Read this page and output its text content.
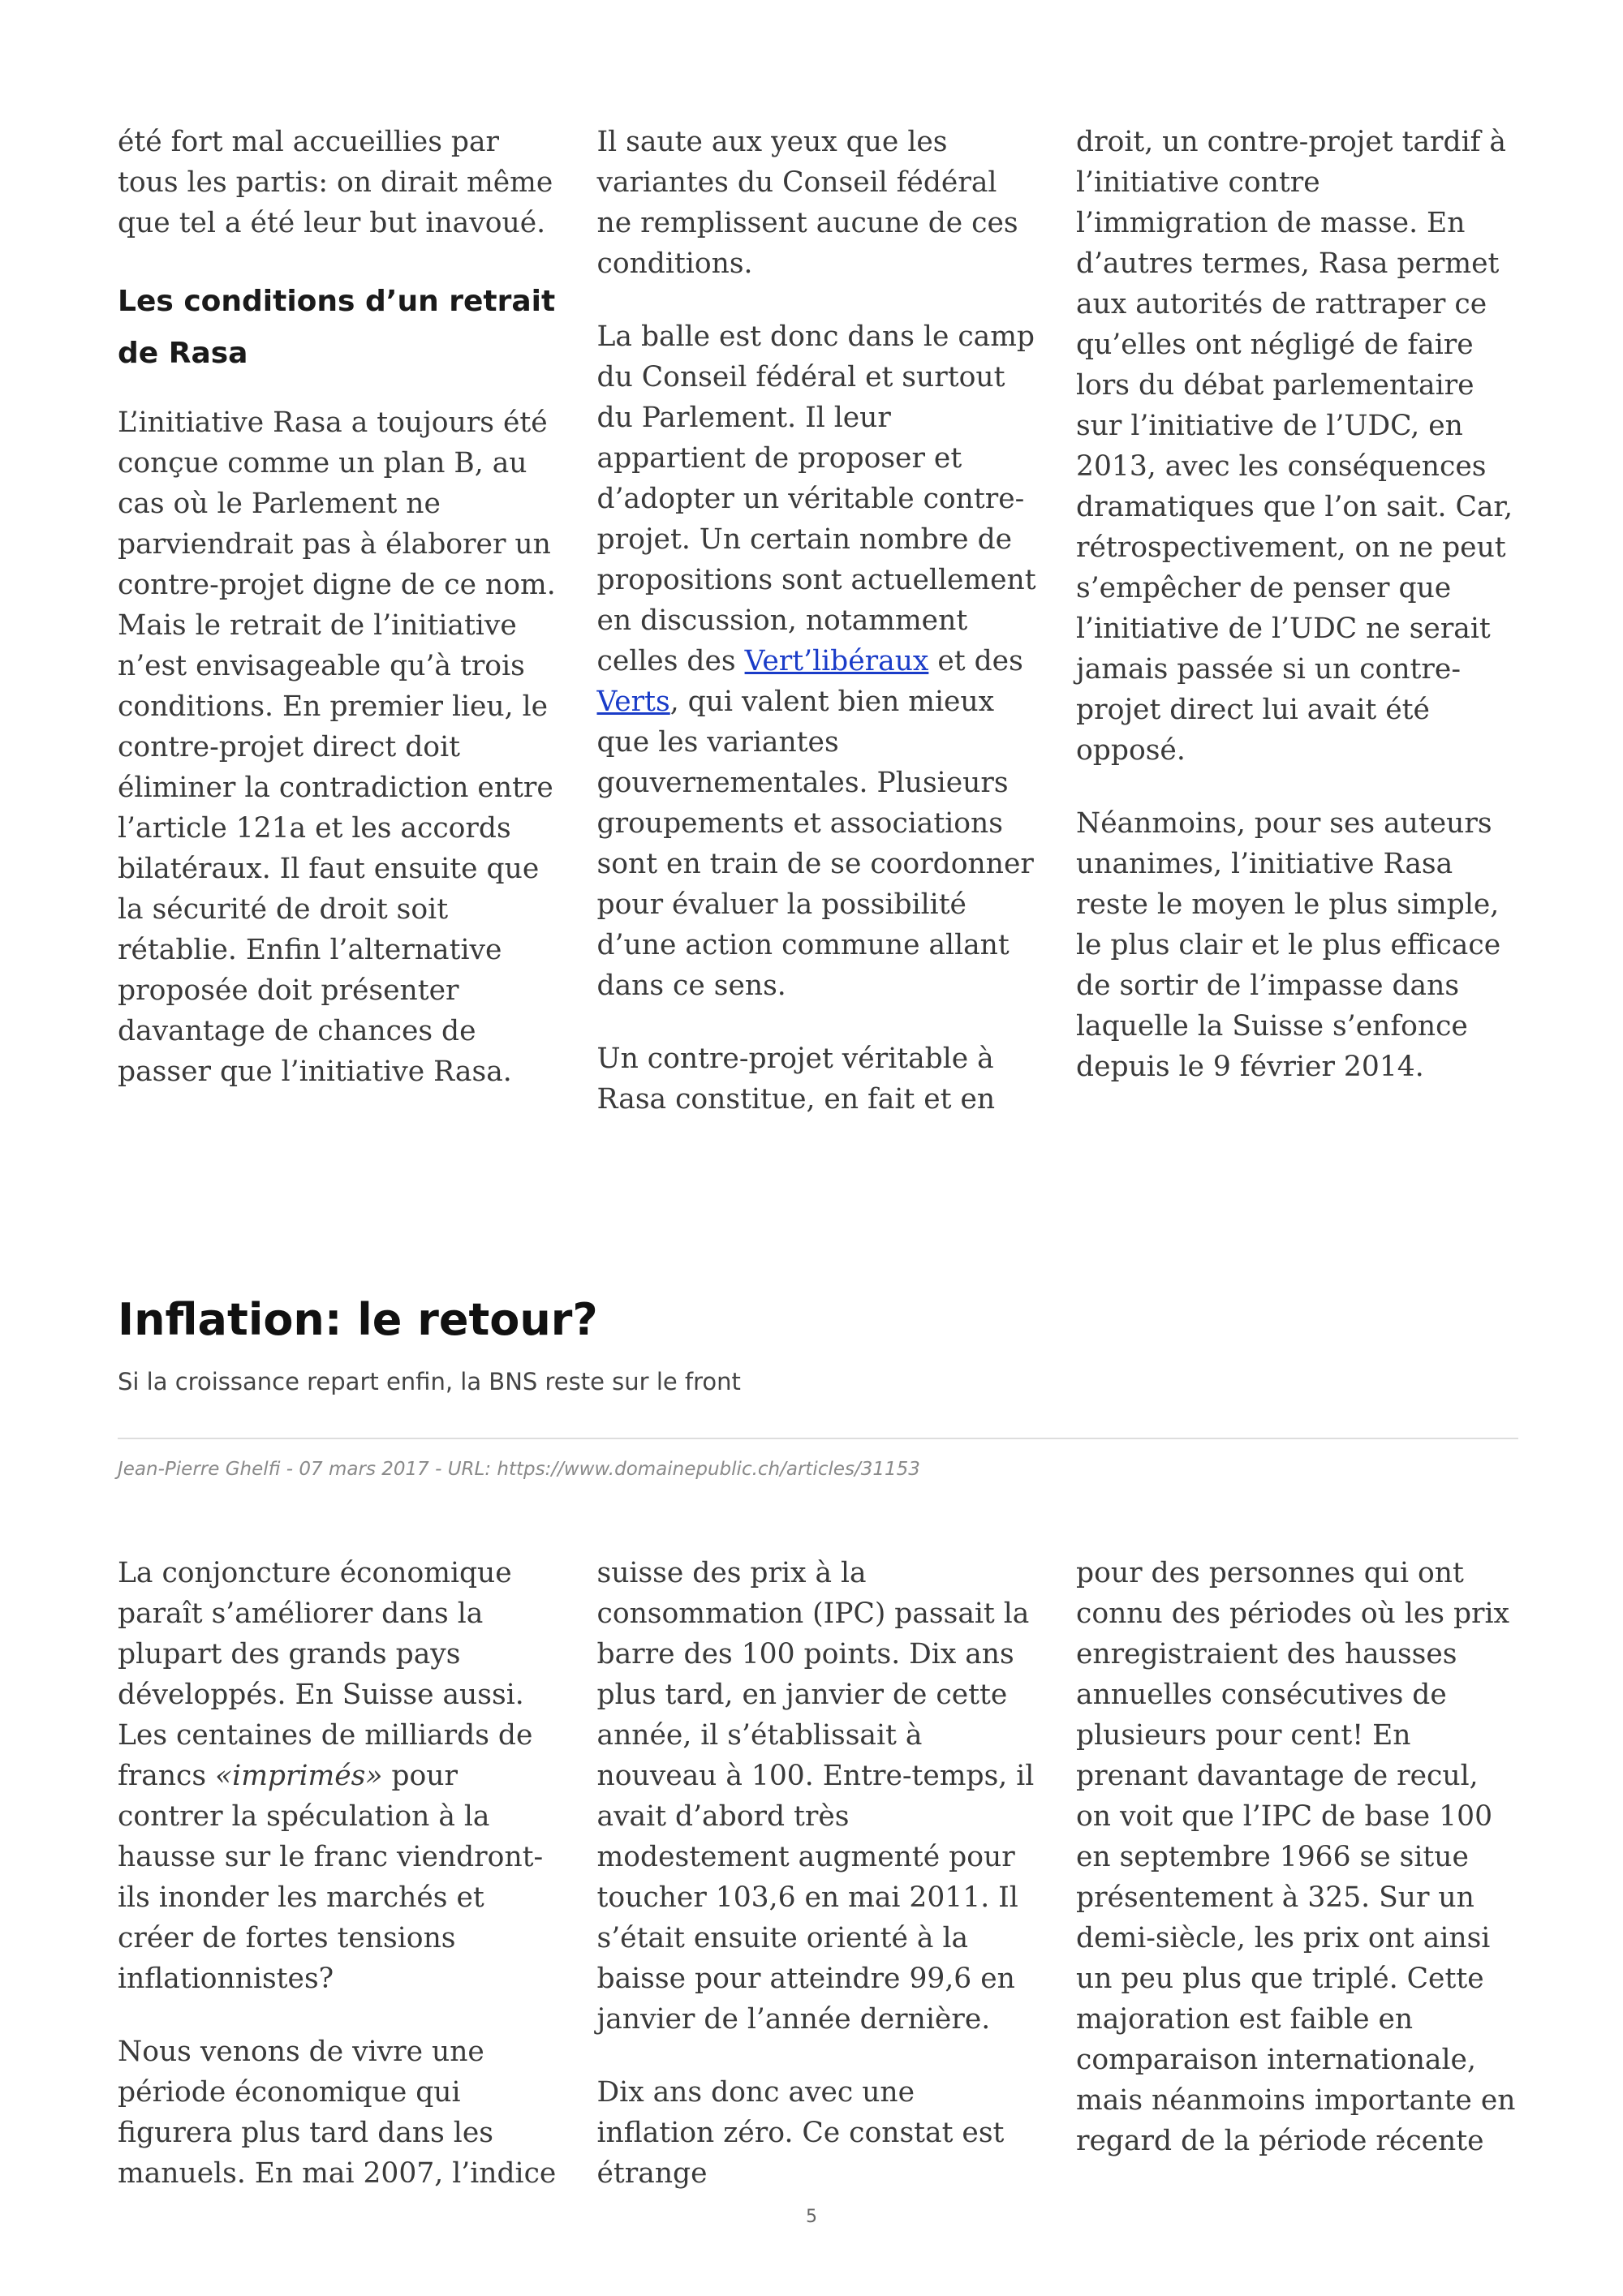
été fort mal accueillies par tous les partis: on dirait même que tel a été leur but inavoué.

Les conditions d’un retrait de Rasa

L’initiative Rasa a toujours été conçue comme un plan B, au cas où le Parlement ne parviendrait pas à élaborer un contre-projet digne de ce nom. Mais le retrait de l’initiative n’est envisageable qu’à trois conditions. En premier lieu, le contre-projet direct doit éliminer la contradiction entre l’article 121a et les accords bilatéraux. Il faut ensuite que la sécurité de droit soit rétablie. Enfin l’alternative proposée doit présenter davantage de chances de passer que l’initiative Rasa.

Il saute aux yeux que les variantes du Conseil fédéral ne remplissent aucune de ces conditions.

La balle est donc dans le camp du Conseil fédéral et surtout du Parlement. Il leur appartient de proposer et d’adopter un véritable contre-projet. Un certain nombre de propositions sont actuellement en discussion, notamment celles des Vert’libéraux et des Verts, qui valent bien mieux que les variantes gouvernementales. Plusieurs groupements et associations sont en train de se coordonner pour évaluer la possibilité d’une action commune allant dans ce sens.

Un contre-projet véritable à Rasa constitue, en fait et en

droit, un contre-projet tardif à l’initiative contre l’immigration de masse. En d’autres termes, Rasa permet aux autorités de rattraper ce qu’elles ont négligé de faire lors du débat parlementaire sur l’initiative de l’UDC, en 2013, avec les conséquences dramatiques que l’on sait. Car, rétrospectivement, on ne peut s’empêcher de penser que l’initiative de l’UDC ne serait jamais passée si un contre-projet direct lui avait été opposé.

Néanmoins, pour ses auteurs unanimes, l’initiative Rasa reste le moyen le plus simple, le plus clair et le plus efficace de sortir de l’impasse dans laquelle la Suisse s’enfonce depuis le 9 février 2014.

Inflation: le retour?
Si la croissance repart enfin, la BNS reste sur le front
Jean-Pierre Ghelfi - 07 mars 2017 - URL: https://www.domainepublic.ch/articles/31153

La conjoncture économique paraît s’améliorer dans la plupart des grands pays développés. En Suisse aussi. Les centaines de milliards de francs «imprimés» pour contrer la spéculation à la hausse sur le franc viendront-ils inonder les marchés et créer de fortes tensions inflationnistes?

Nous venons de vivre une période économique qui figurera plus tard dans les manuels. En mai 2007, l’indice

suisse des prix à la consommation (IPC) passait la barre des 100 points. Dix ans plus tard, en janvier de cette année, il s’établissait à nouveau à 100. Entre-temps, il avait d’abord très modestement augmenté pour toucher 103,6 en mai 2011. Il s’était ensuite orienté à la baisse pour atteindre 99,6 en janvier de l’année dernière.

Dix ans donc avec une inflation zéro. Ce constat est étrange

pour des personnes qui ont connu des périodes où les prix enregistraient des hausses annuelles consécutives de plusieurs pour cent! En prenant davantage de recul, on voit que l’IPC de base 100 en septembre 1966 se situe présentement à 325. Sur un demi-siècle, les prix ont ainsi un peu plus que triplé. Cette majoration est faible en comparaison internationale, mais néanmoins importante en regard de la période récente

5
